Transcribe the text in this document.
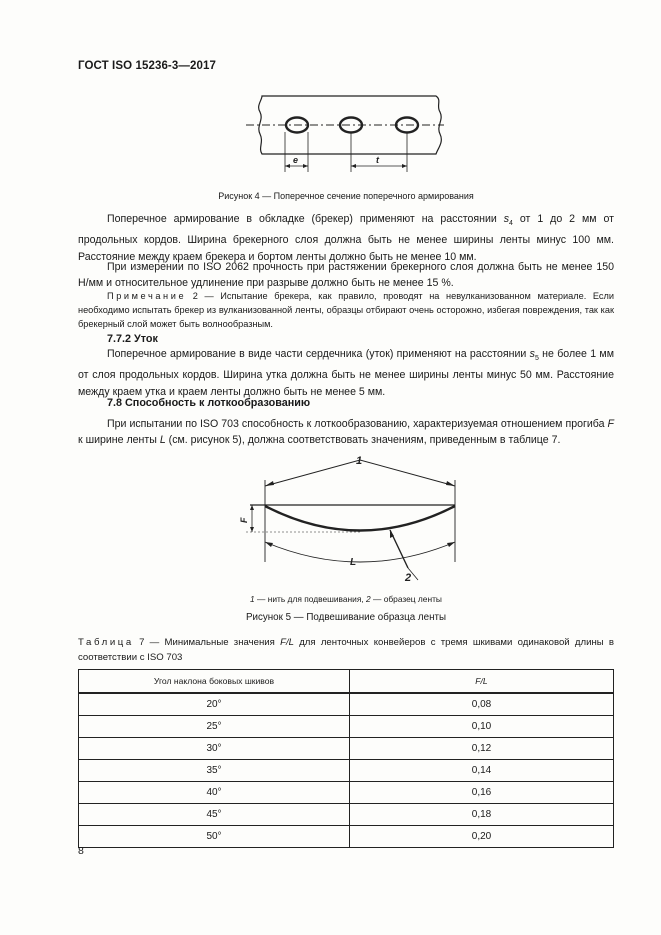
ГОСТ ISO 15236-3—2017
e	t
Рисунок 4 — Поперечное сечение поперечного армирования

Поперечное армирование в обкладке (брекер) применяют на расстоянии $s_4$ от 1 до 2 мм от продольных кордов. Ширина брекерного слоя должна быть не менее ширины ленты минус 100 мм. Расстояние между краем брекера и бортом ленты должно быть не менее 10 мм.

При измерении по ISO 2062 прочность при растяжении брекерного слоя должна быть не менее 150 Н/мм и относительное удлинение при разрыве должно быть не менее 15 %.

Примечание 2 — Испытание брекера, как правило, проводят на невулканизованном материале. Если необходимо испытать брекер из вулканизованной ленты, образцы отбирают очень осторожно, избегая повреждения, так как брекерный слой может быть волнообразным.

7.7.2 Уток

Поперечное армирование в виде части сердечника (уток) применяют на расстоянии $s_5$ не более 1 мм от слоя продольных кордов. Ширина утка должна быть не менее ширины ленты минус 50 мм. Расстояние между краем утка и краем ленты должно быть не менее 5 мм.

7.8 Способность к лоткообразованию

При испытании по ISO 703 способность к лоткообразованию, характеризуемая отношением прогиба F к ширине ленты L (см. рисунок 5), должна соответствовать значениям, приведенным в таблице 7.

1
F
L
2
1 — нить для подвешивания, 2 — образец ленты
Рисунок 5 — Подвешивание образца ленты

Таблица 7 — Минимальные значения F/L для ленточных конвейеров с тремя шкивами одинаковой длины в соответствии с ISO 703

Угол наклона боковых шкивов	F/L
20°	0,08
25°	0,10
30°	0,12
35°	0,14
40°	0,16
45°	0,18
50°	0,20
8
